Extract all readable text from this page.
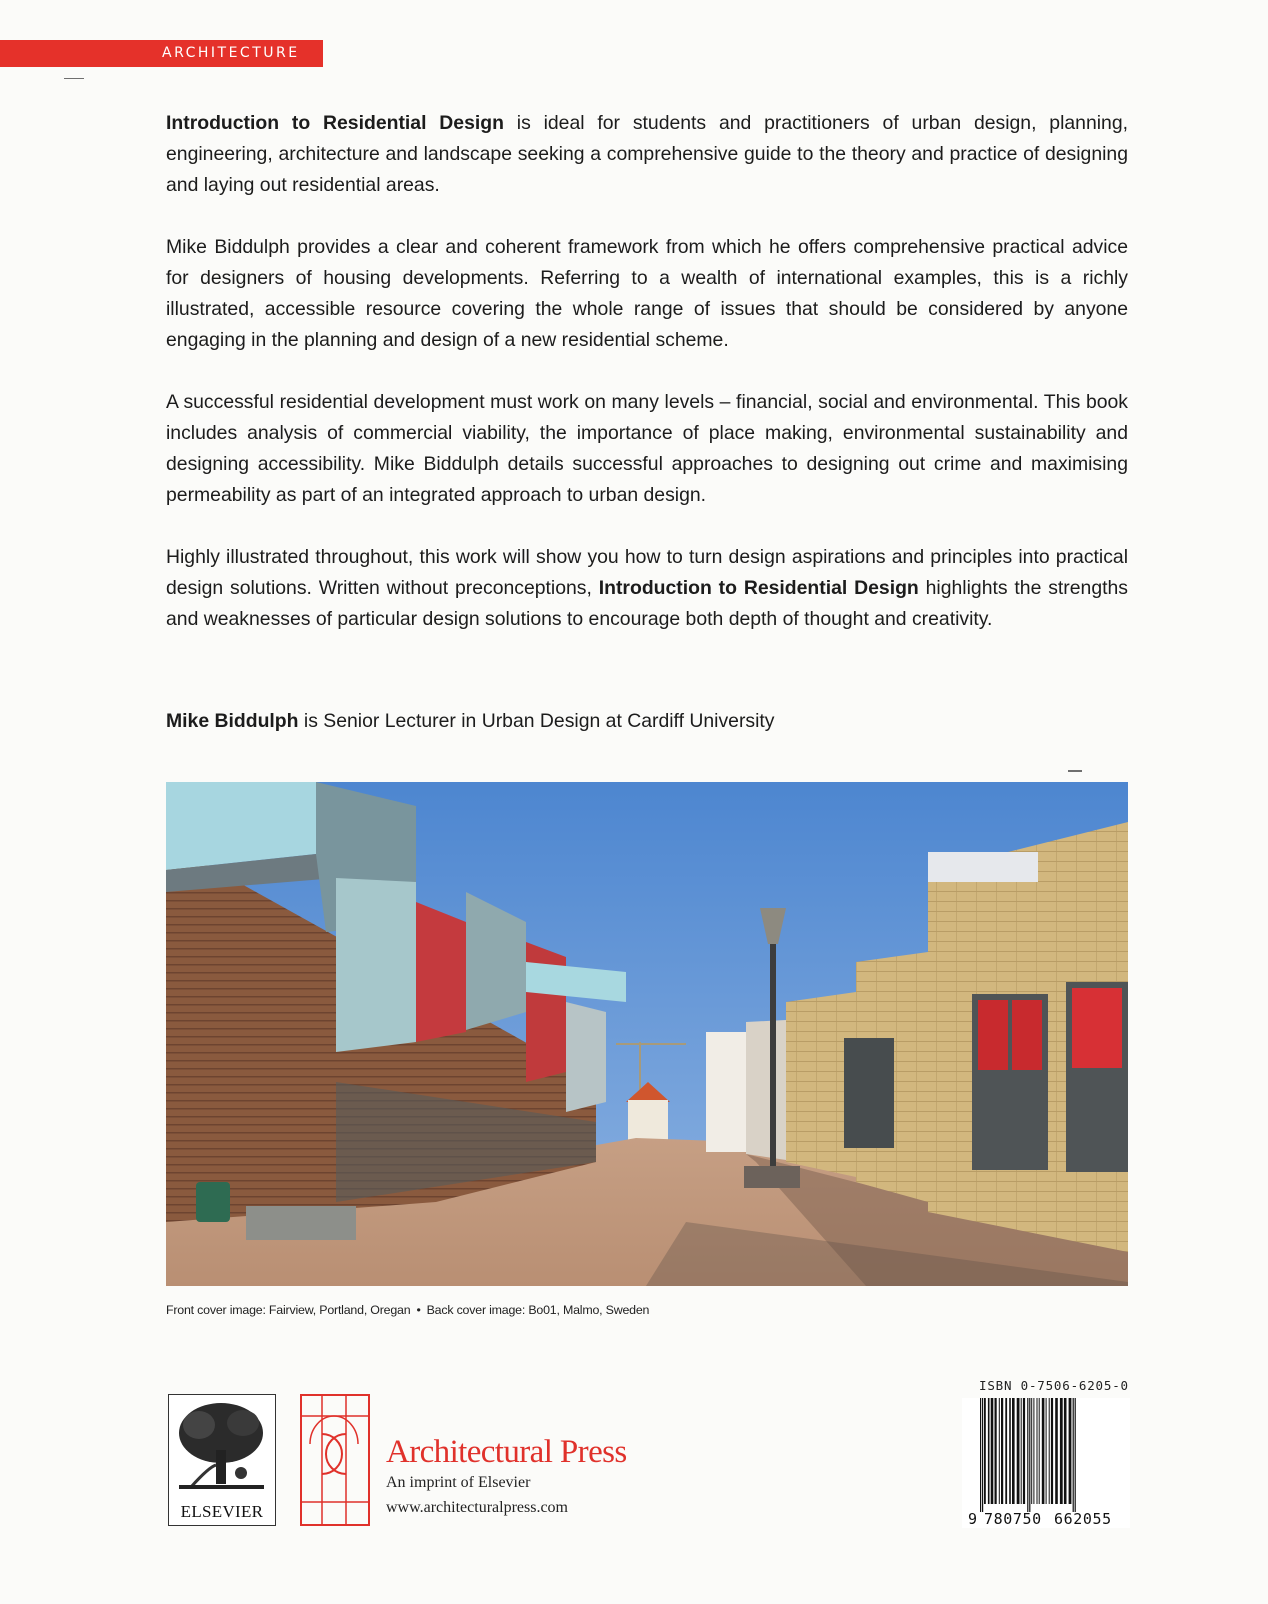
ARCHITECTURE

Introduction to Residential Design is ideal for students and practitioners of urban design, planning, engineering, architecture and landscape seeking a comprehensive guide to the theory and practice of designing and laying out residential areas.

Mike Biddulph provides a clear and coherent framework from which he offers comprehensive practical advice for designers of housing developments. Referring to a wealth of international examples, this is a richly illustrated, accessible resource covering the whole range of issues that should be considered by anyone engaging in the planning and design of a new residential scheme.

A successful residential development must work on many levels – financial, social and environmental. This book includes analysis of commercial viability, the importance of place making, environmental sustainability and designing accessibility. Mike Biddulph details successful approaches to designing out crime and maximising permeability as part of an integrated approach to urban design.

Highly illustrated throughout, this work will show you how to turn design aspirations and principles into practical design solutions. Written without preconceptions, Introduction to Residential Design highlights the strengths and weaknesses of particular design solutions to encourage both depth of thought and creativity.

Mike Biddulph is Senior Lecturer in Urban Design at Cardiff University
Front cover image: Fairview, Portland, Oregan • Back cover image: Bo01, Malmo, Sweden
ELSEVIER
Architectural Press
An imprint of Elsevier
www.architecturalpress.com
ISBN 0-7506-6205-0
9 780750 662055
